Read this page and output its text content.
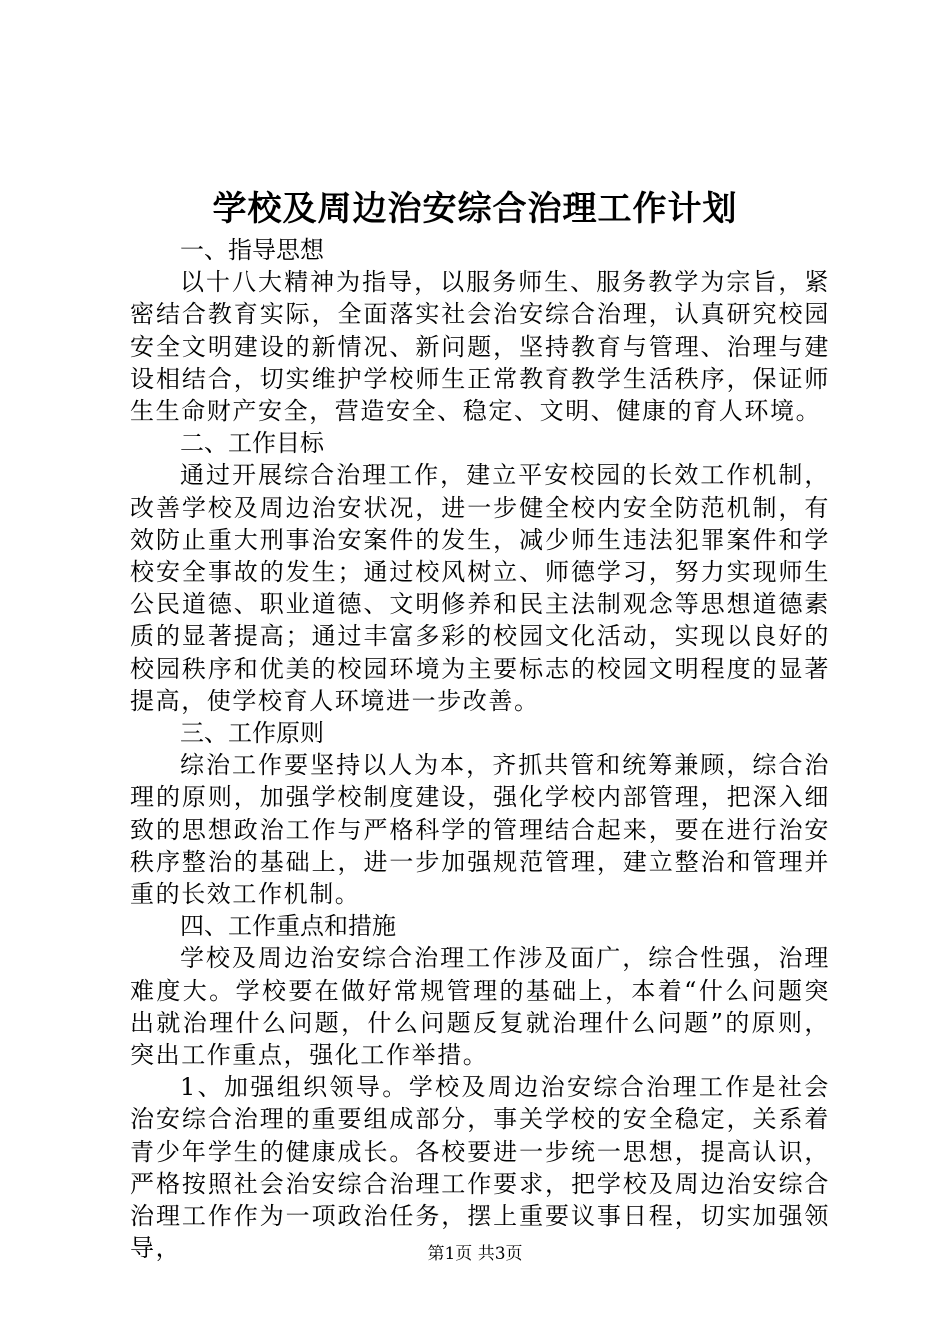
学校及周边治安综合治理工作计划

一、指导思想

以十八大精神为指导，以服务师生、服务教学为宗旨，紧密结合教育实际，全面落实社会治安综合治理，认真研究校园安全文明建设的新情况、新问题，坚持教育与管理、治理与建设相结合，切实维护学校师生正常教育教学生活秩序，保证师生生命财产安全，营造安全、稳定、文明、健康的育人环境。

二、工作目标

通过开展综合治理工作，建立平安校园的长效工作机制，改善学校及周边治安状况，进一步健全校内安全防范机制，有效防止重大刑事治安案件的发生，减少师生违法犯罪案件和学校安全事故的发生；通过校风树立、师德学习，努力实现师生公民道德、职业道德、文明修养和民主法制观念等思想道德素质的显著提高；通过丰富多彩的校园文化活动，实现以良好的校园秩序和优美的校园环境为主要标志的校园文明程度的显著提高，使学校育人环境进一步改善。

三、工作原则

综治工作要坚持以人为本，齐抓共管和统筹兼顾，综合治理的原则，加强学校制度建设，强化学校内部管理，把深入细致的思想政治工作与严格科学的管理结合起来，要在进行治安秩序整治的基础上，进一步加强规范管理，建立整治和管理并重的长效工作机制。

四、工作重点和措施

学校及周边治安综合治理工作涉及面广，综合性强，治理难度大。学校要在做好常规管理的基础上，本着“什么问题突出就治理什么问题，什么问题反复就治理什么问题”的原则，突出工作重点，强化工作举措。

1、加强组织领导。学校及周边治安综合治理工作是社会治安综合治理的重要组成部分，事关学校的安全稳定，关系着青少年学生的健康成长。各校要进一步统一思想，提高认识，严格按照社会治安综合治理工作要求，把学校及周边治安综合治理工作作为一项政治任务，摆上重要议事日程，切实加强领导，	第1页 共3页
